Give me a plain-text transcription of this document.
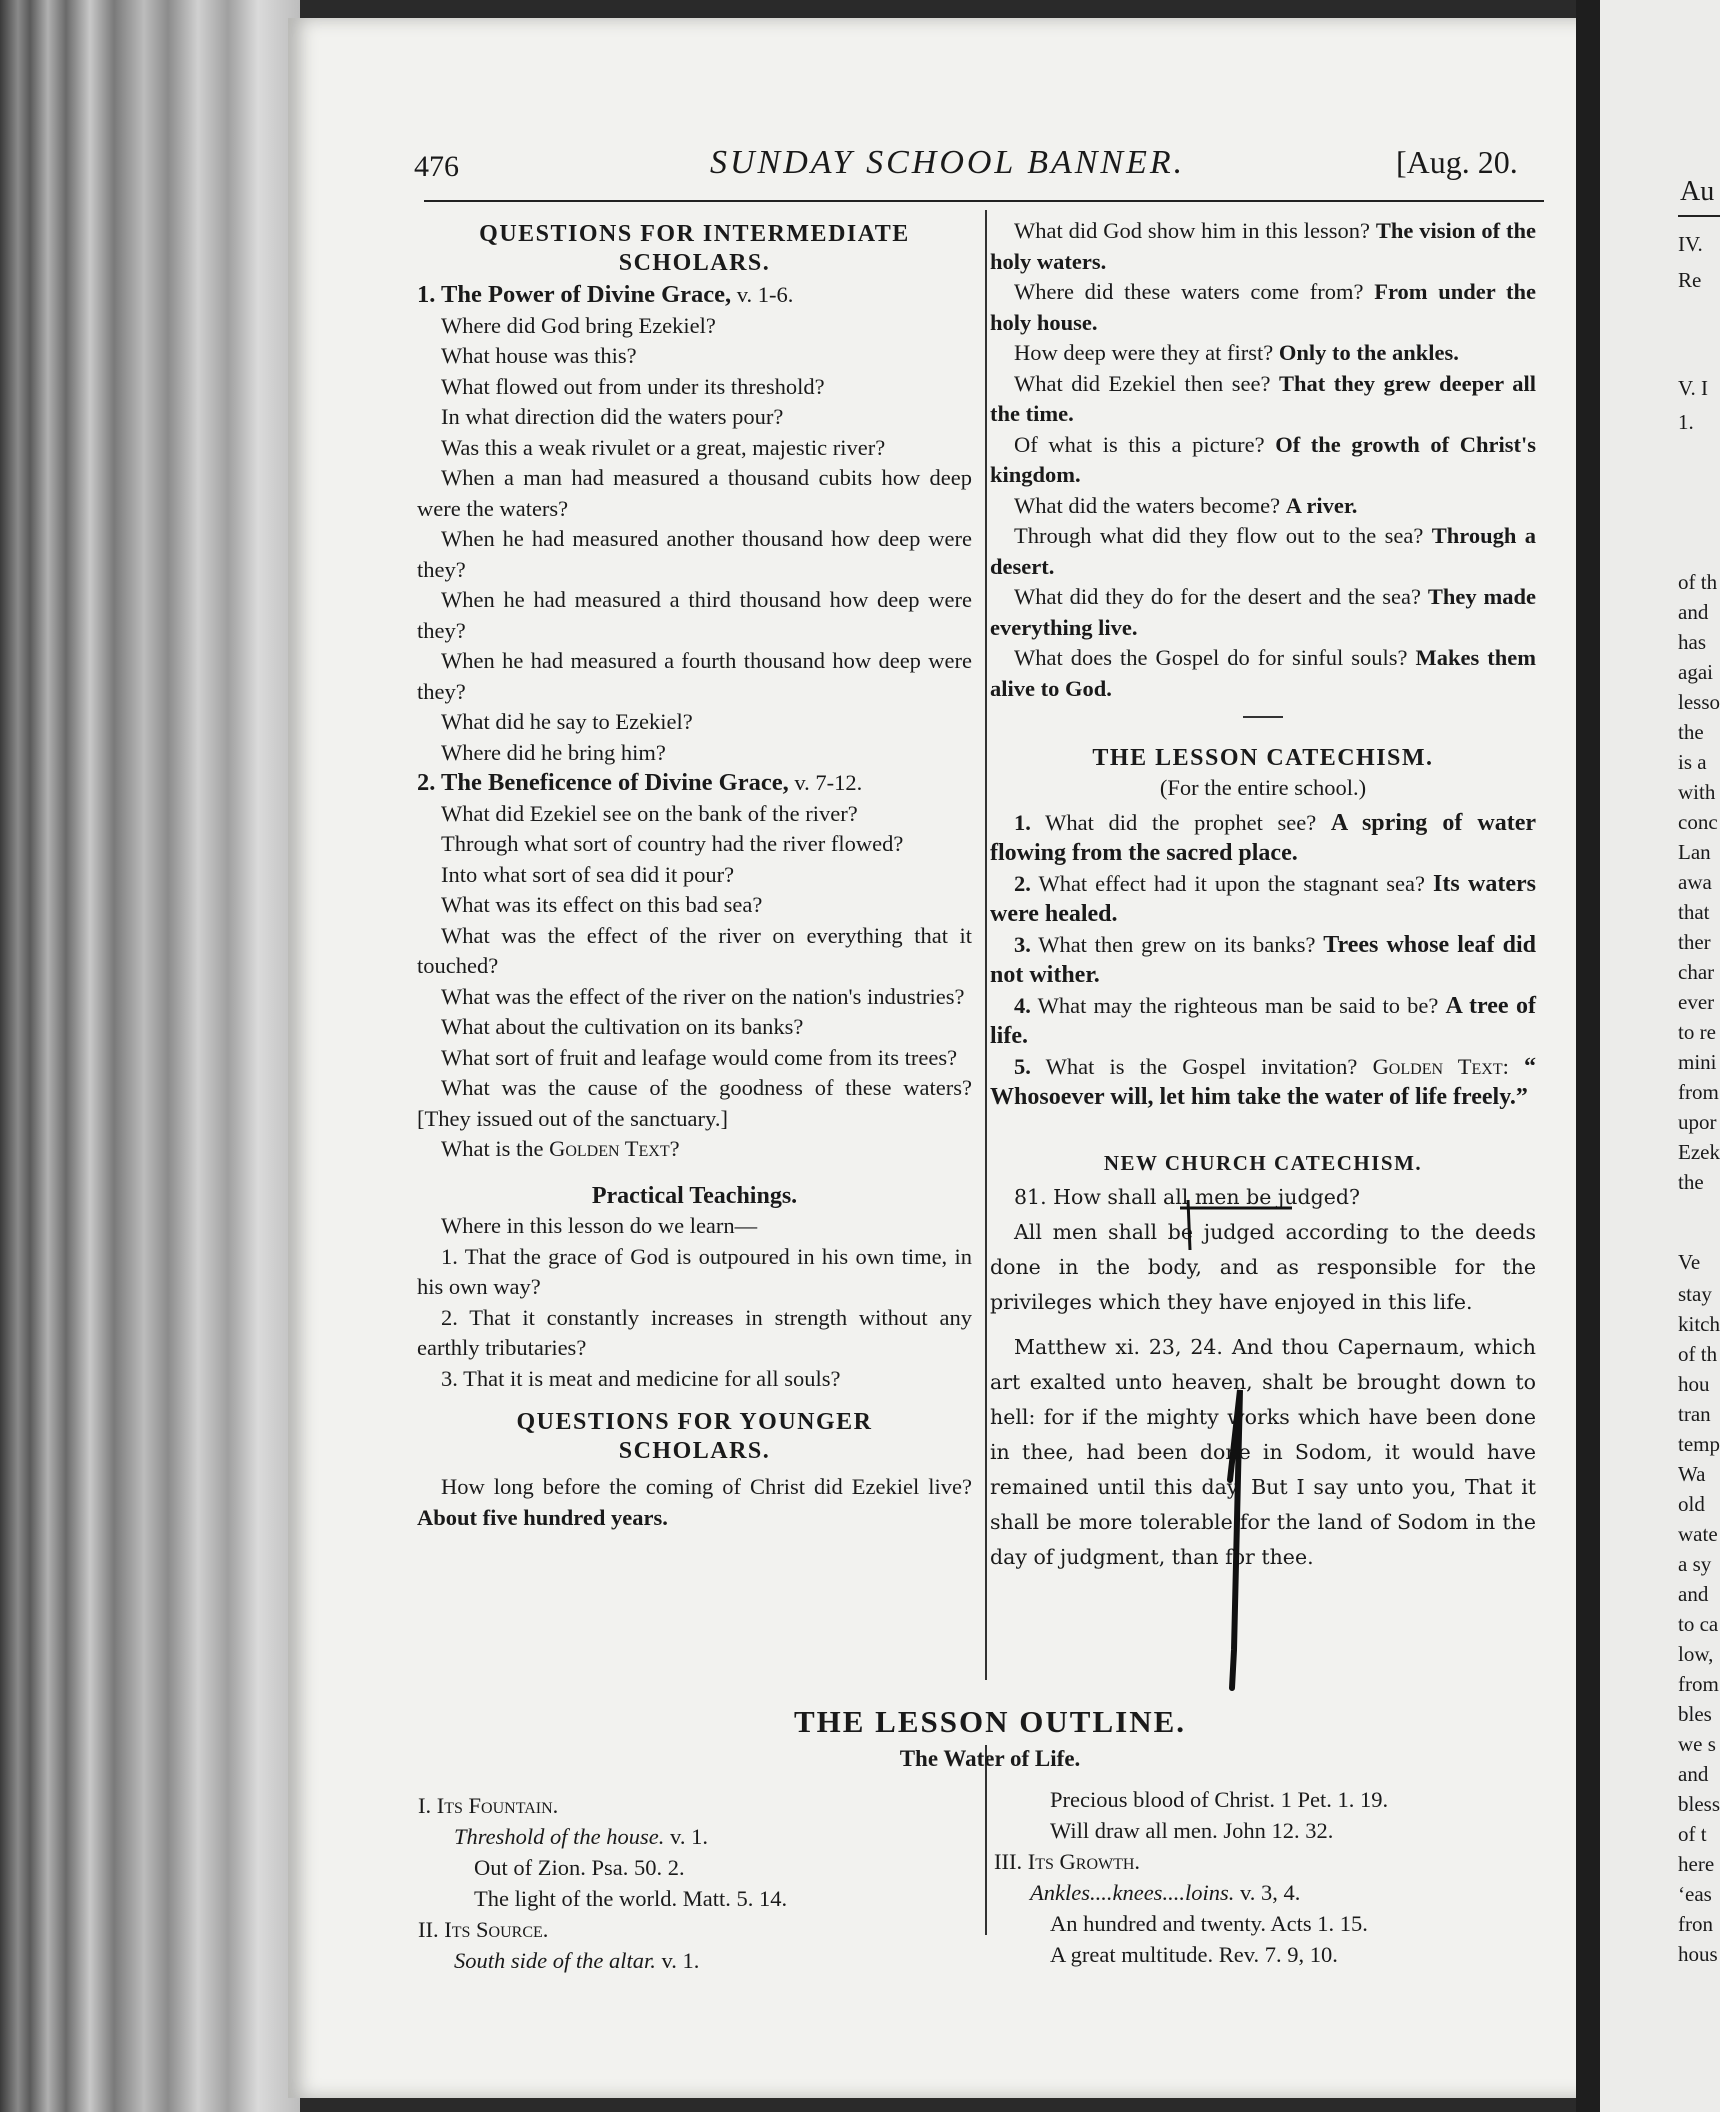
Au
IV.
Re
V. I
1.
of th
and
has
agai
lesso
the
is a
with
conc
Lan
awa
that
ther
char
ever
to re
mini
from
upor
Ezek
the
Ve
stay
kitch
of th
hou
tran
temp
Wa
old
wate
a sy
and
to ca
low,
from
bles
we s
and
bless
of t
here
‘eas
fron
hous
476	SUNDAY SCHOOL BANNER.	[Aug. 20.

QUESTIONS FOR INTERMEDIATE

SCHOLARS.

1. The Power of Divine Grace, v. 1-6.

Where did God bring Ezekiel?

What house was this?

What flowed out from under its threshold?

In what direction did the waters pour?

Was this a weak rivulet or a great, majestic river?

When a man had measured a thousand cubits how deep were the waters?

When he had measured another thousand how deep were they?

When he had measured a third thousand how deep were they?

When he had measured a fourth thousand how deep were they?

What did he say to Ezekiel?

Where did he bring him?

2. The Beneficence of Divine Grace, v. 7-12.

What did Ezekiel see on the bank of the river?

Through what sort of country had the river flowed?

Into what sort of sea did it pour?

What was its effect on this bad sea?

What was the effect of the river on everything that it touched?

What was the effect of the river on the nation's industries?

What about the cultivation on its banks?

What sort of fruit and leafage would come from its trees?

What was the cause of the goodness of these waters? [They issued out of the sanctuary.]

What is the Golden Text?

Practical Teachings.

Where in this lesson do we learn—

1. That the grace of God is outpoured in his own time, in his own way?

2. That it constantly increases in strength without any earthly tributaries?

3. That it is meat and medicine for all souls?

QUESTIONS FOR YOUNGER

SCHOLARS.

How long before the coming of Christ did Ezekiel live? About five hundred years.

What did God show him in this lesson? The vision of the holy waters.

Where did these waters come from? From under the holy house.

How deep were they at first? Only to the ankles.

What did Ezekiel then see? That they grew deeper all the time.

Of what is this a picture? Of the growth of Christ's kingdom.

What did the waters become? A river.

Through what did they flow out to the sea? Through a desert.

What did they do for the desert and the sea? They made everything live.

What does the Gospel do for sinful souls? Makes them alive to God.

THE LESSON CATECHISM.

(For the entire school.)

1. What did the prophet see? A spring of water flowing from the sacred place.

2. What effect had it upon the stagnant sea? Its waters were healed.

3. What then grew on its banks? Trees whose leaf did not wither.

4. What may the righteous man be said to be? A tree of life.

5. What is the Gospel invitation? Golden Text: “ Whosoever will, let him take the water of life freely.”

NEW CHURCH CATECHISM.

81. How shall all men be judged?

All men shall be judged according to the deeds done in the body, and as responsible for the privileges which they have enjoyed in this life.

Matthew xi. 23, 24. And thou Capernaum, which art exalted unto heaven, shalt be brought down to hell: for if the mighty works which have been done in thee, had been done in Sodom, it would have remained until this day. But I say unto you, That it shall be more tolerable for the land of Sodom in the day of judgment, than for thee.

THE LESSON OUTLINE.
The Water of Life.

I. Its Fountain.

Threshold of the house. v. 1.

Out of Zion. Psa. 50. 2.

The light of the world. Matt. 5. 14.

II. Its Source.

South side of the altar. v. 1.

Precious blood of Christ. 1 Pet. 1. 19.

Will draw all men. John 12. 32.

III. Its Growth.

Ankles....knees....loins. v. 3, 4.

An hundred and twenty. Acts 1. 15.

A great multitude. Rev. 7. 9, 10.
